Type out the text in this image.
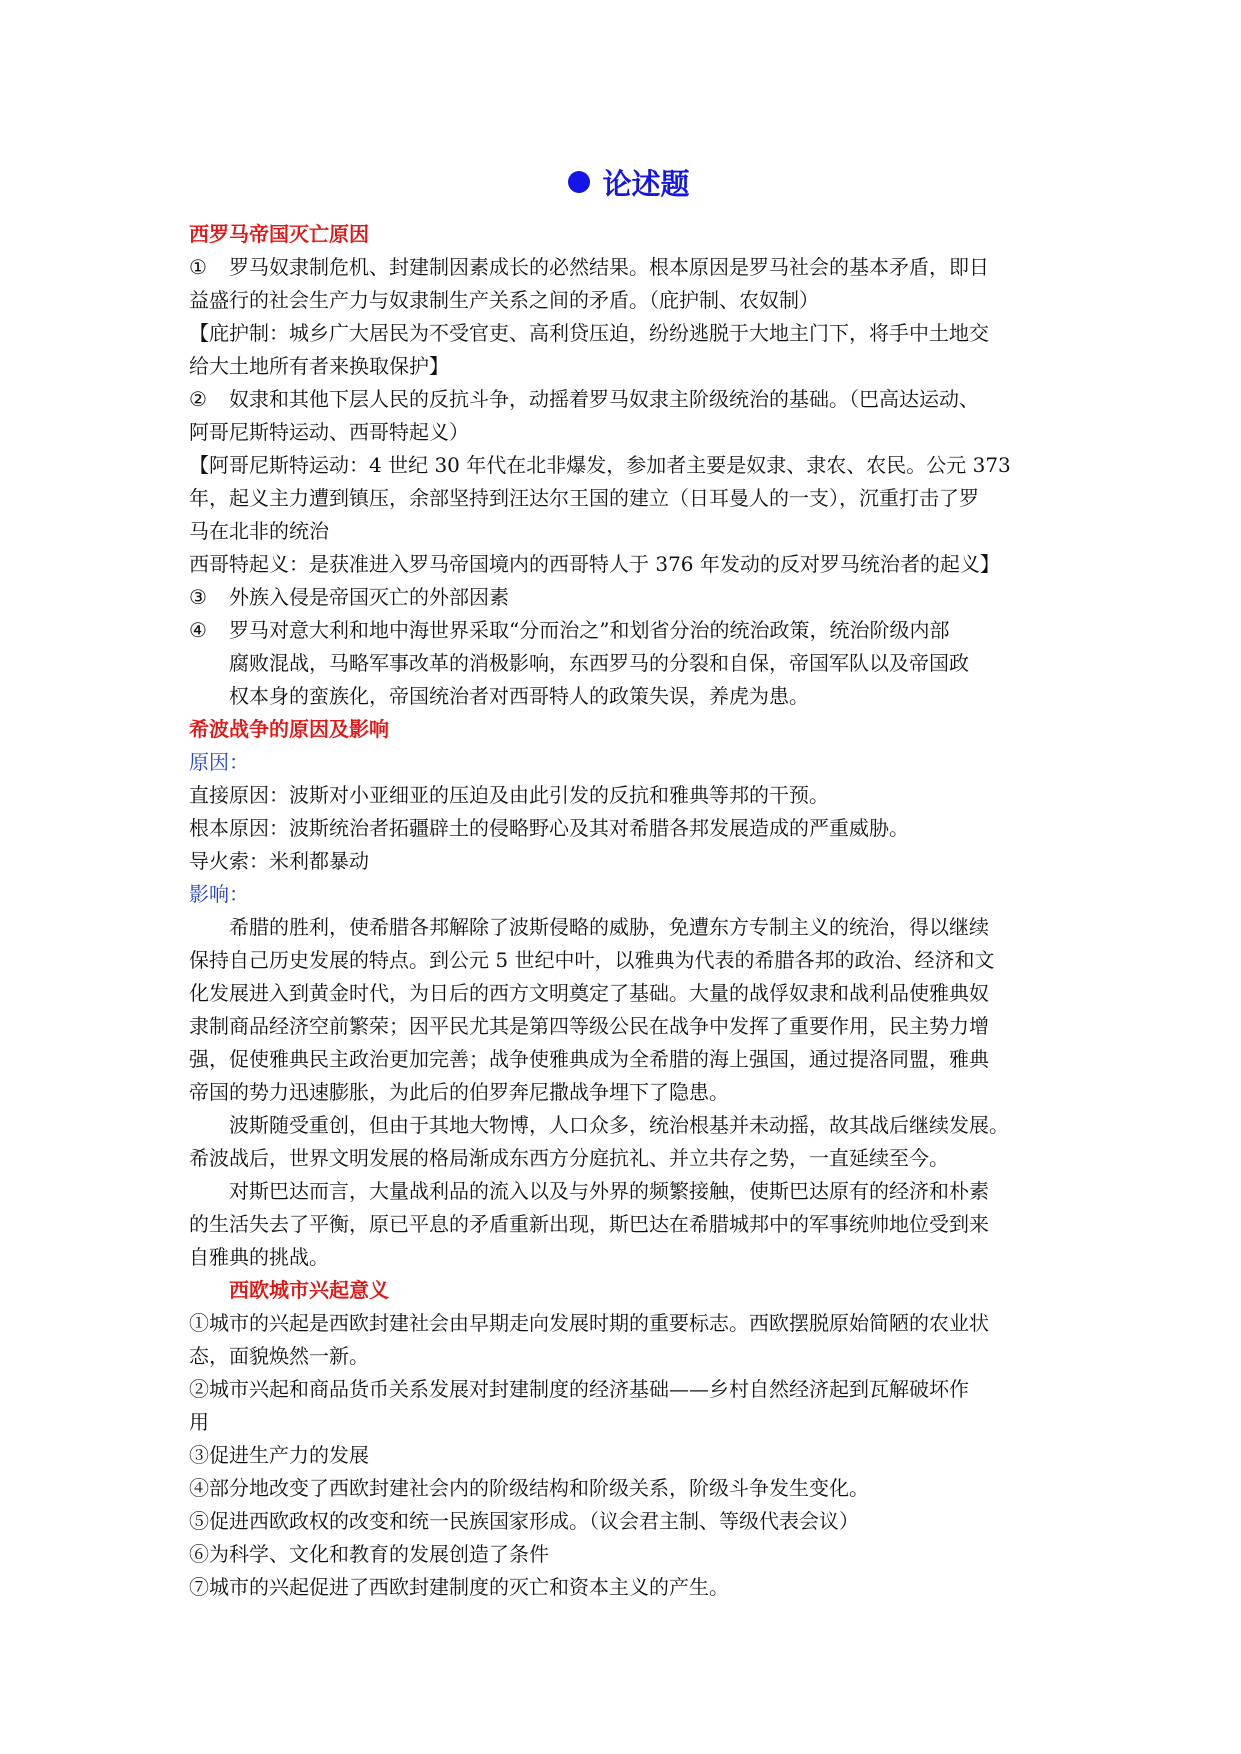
论述题
西罗马帝国灭亡原因
①	罗马奴隶制危机、封建制因素成长的必然结果。根本原因是罗马社会的基本矛盾，即日
益盛行的社会生产力与奴隶制生产关系之间的矛盾。（庇护制、农奴制）
【庇护制：城乡广大居民为不受官吏、高利贷压迫，纷纷逃脱于大地主门下，将手中土地交
给大土地所有者来换取保护】
②	奴隶和其他下层人民的反抗斗争，动摇着罗马奴隶主阶级统治的基础。（巴高达运动、
阿哥尼斯特运动、西哥特起义）
【阿哥尼斯特运动：4 世纪 30 年代在北非爆发，参加者主要是奴隶、隶农、农民。公元 373
年，起义主力遭到镇压，余部坚持到汪达尔王国的建立（日耳曼人的一支），沉重打击了罗
马在北非的统治
西哥特起义：是获准进入罗马帝国境内的西哥特人于 376 年发动的反对罗马统治者的起义】
③	外族入侵是帝国灭亡的外部因素
④	罗马对意大利和地中海世界采取“分而治之”和划省分治的统治政策，统治阶级内部
腐败混战，马略军事改革的消极影响，东西罗马的分裂和自保，帝国军队以及帝国政
权本身的蛮族化，帝国统治者对西哥特人的政策失误，养虎为患。
希波战争的原因及影响
原因：
直接原因：波斯对小亚细亚的压迫及由此引发的反抗和雅典等邦的干预。
根本原因：波斯统治者拓疆辟土的侵略野心及其对希腊各邦发展造成的严重威胁。
导火索：米利都暴动
影响：
希腊的胜利，使希腊各邦解除了波斯侵略的威胁，免遭东方专制主义的统治，得以继续
保持自己历史发展的特点。到公元 5 世纪中叶，以雅典为代表的希腊各邦的政治、经济和文
化发展进入到黄金时代，为日后的西方文明奠定了基础。大量的战俘奴隶和战利品使雅典奴
隶制商品经济空前繁荣；因平民尤其是第四等级公民在战争中发挥了重要作用，民主势力增
强，促使雅典民主政治更加完善；战争使雅典成为全希腊的海上强国，通过提洛同盟，雅典
帝国的势力迅速膨胀，为此后的伯罗奔尼撒战争埋下了隐患。
波斯随受重创，但由于其地大物博，人口众多，统治根基并未动摇，故其战后继续发展。
希波战后，世界文明发展的格局渐成东西方分庭抗礼、并立共存之势，一直延续至今。
对斯巴达而言，大量战利品的流入以及与外界的频繁接触，使斯巴达原有的经济和朴素
的生活失去了平衡，原已平息的矛盾重新出现，斯巴达在希腊城邦中的军事统帅地位受到来
自雅典的挑战。
西欧城市兴起意义
①城市的兴起是西欧封建社会由早期走向发展时期的重要标志。西欧摆脱原始简陋的农业状
态，面貌焕然一新。
②城市兴起和商品货币关系发展对封建制度的经济基础——乡村自然经济起到瓦解破坏作
用
③促进生产力的发展
④部分地改变了西欧封建社会内的阶级结构和阶级关系，阶级斗争发生变化。
⑤促进西欧政权的改变和统一民族国家形成。（议会君主制、等级代表会议）
⑥为科学、文化和教育的发展创造了条件
⑦城市的兴起促进了西欧封建制度的灭亡和资本主义的产生。
